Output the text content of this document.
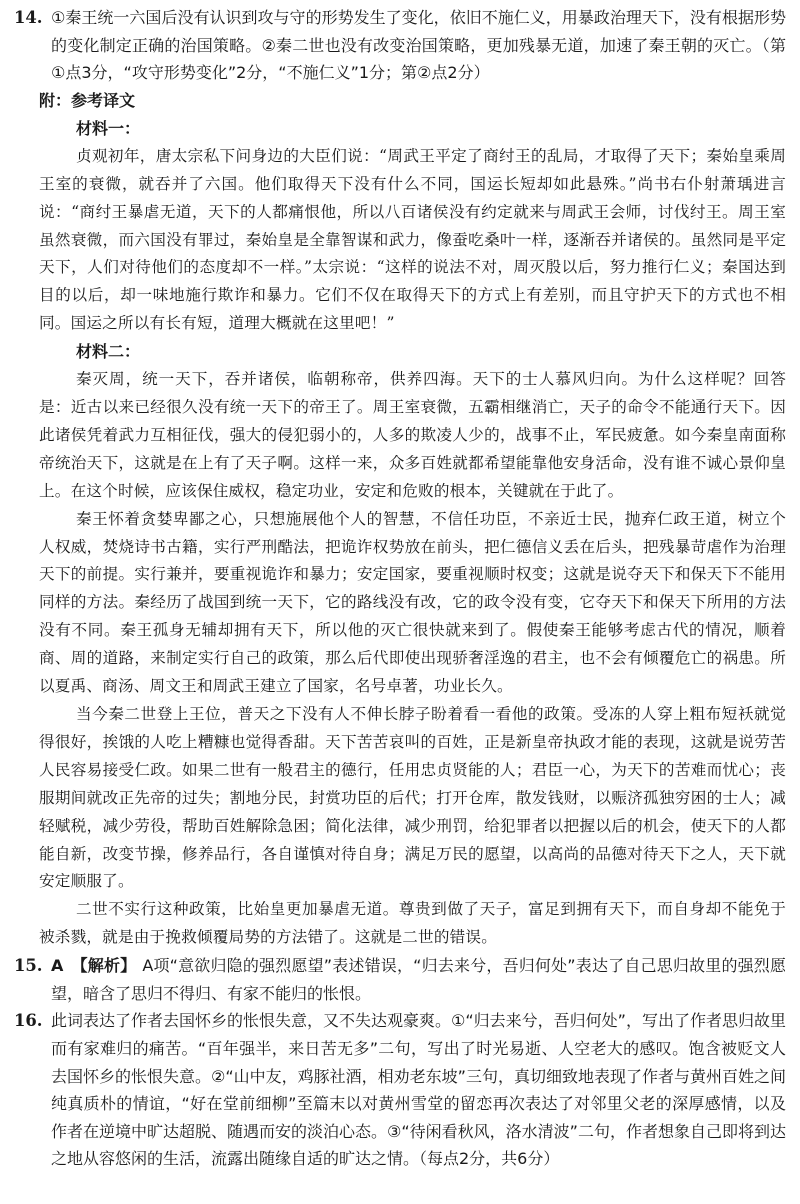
14. ①秦王统一六国后没有认识到攻与守的形势发生了变化，依旧不施仁义，用暴政治理天下，没有根据形势的变化制定正确的治国策略。②秦二世也没有改变治国策略，更加残暴无道，加速了秦王朝的灭亡。（第①点3分，“攻守形势变化”2分，“不施仁义”1分；第②点2分）
附：参考译文
材料一：
贞观初年，唐太宗私下问身边的大臣们说：“周武王平定了商纣王的乱局，才取得了天下；秦始皇乘周王室的衰微，就吞并了六国。他们取得天下没有什么不同，国运长短却如此悬殊。”尚书右仆射萧瑀进言说：“商纣王暴虐无道，天下的人都痛恨他，所以八百诸侯没有约定就来与周武王会师，讨伐纣王。周王室虽然衰微，而六国没有罪过，秦始皇是全靠智谋和武力，像蚕吃桑叶一样，逐渐吞并诸侯的。虽然同是平定天下，人们对待他们的态度却不一样。”太宗说：“这样的说法不对，周灭殷以后，努力推行仁义；秦国达到目的以后，却一味地施行欺诈和暴力。它们不仅在取得天下的方式上有差别，而且守护天下的方式也不相同。国运之所以有长有短，道理大概就在这里吧！”
材料二：
秦灭周，统一天下，吞并诸侯，临朝称帝，供养四海。天下的士人慕风归向。为什么这样呢？回答是：近古以来已经很久没有统一天下的帝王了。周王室衰微，五霸相继消亡，天子的命令不能通行天下。因此诸侯凭着武力互相征伐，强大的侵犯弱小的，人多的欺凌人少的，战事不止，军民疲惫。如今秦皇南面称帝统治天下，这就是在上有了天子啊。这样一来，众多百姓就都希望能靠他安身活命，没有谁不诚心景仰皇上。在这个时候，应该保住威权，稳定功业，安定和危败的根本，关键就在于此了。
秦王怀着贪婪卑鄙之心，只想施展他个人的智慧，不信任功臣，不亲近士民，抛弃仁政王道，树立个人权威，焚烧诗书古籍，实行严刑酷法，把诡诈权势放在前头，把仁德信义丢在后头，把残暴苛虐作为治理天下的前提。实行兼并，要重视诡诈和暴力；安定国家，要重视顺时权变；这就是说夺天下和保天下不能用同样的方法。秦经历了战国到统一天下，它的路线没有改，它的政令没有变，它夺天下和保天下所用的方法没有不同。秦王孤身无辅却拥有天下，所以他的灭亡很快就来到了。假使秦王能够考虑古代的情况，顺着商、周的道路，来制定实行自己的政策，那么后代即使出现骄奢淫逸的君主，也不会有倾覆危亡的祸患。所以夏禹、商汤、周文王和周武王建立了国家，名号卓著，功业长久。
当今秦二世登上王位，普天之下没有人不伸长脖子盼着看一看他的政策。受冻的人穿上粗布短袄就觉得很好，挨饿的人吃上糟糠也觉得香甜。天下苦苦哀叫的百姓，正是新皇帝执政才能的表现，这就是说劳苦人民容易接受仁政。如果二世有一般君主的德行，任用忠贞贤能的人；君臣一心，为天下的苦难而忧心；丧服期间就改正先帝的过失；割地分民，封赏功臣的后代；打开仓库，散发钱财，以赈济孤独穷困的士人；减轻赋税，减少劳役，帮助百姓解除急困；简化法律，减少刑罚，给犯罪者以把握以后的机会，使天下的人都能自新，改变节操，修养品行，各自谨慎对待自身；满足万民的愿望，以高尚的品德对待天下之人，天下就安定顺服了。
二世不实行这种政策，比始皇更加暴虐无道。尊贵到做了天子，富足到拥有天下，而自身却不能免于被杀戮，就是由于挽救倾覆局势的方法错了。这就是二世的错误。
15. A 【解析】 A项“意欲归隐的强烈愿望”表述错误，“归去来兮，吾归何处”表达了自己思归故里的强烈愿望，暗含了思归不得归、有家不能归的怅恨。
16. 此词表达了作者去国怀乡的怅恨失意，又不失达观豪爽。①“归去来兮，吾归何处”，写出了作者思归故里而有家难归的痛苦。“百年强半，来日苦无多”二句，写出了时光易逝、人空老大的感叹。饱含被贬文人去国怀乡的怅恨失意。②“山中友，鸡豚社酒，相劝老东坡”三句，真切细致地表现了作者与黄州百姓之间纯真质朴的情谊，“好在堂前细柳”至篇末以对黄州雪堂的留恋再次表达了对邻里父老的深厚感情，以及作者在逆境中旷达超脱、随遇而安的淡泊心态。③“待闲看秋风，洛水清波”二句，作者想象自己即将到达之地从容悠闲的生活，流露出随缘自适的旷达之情。（每点2分，共6分）
